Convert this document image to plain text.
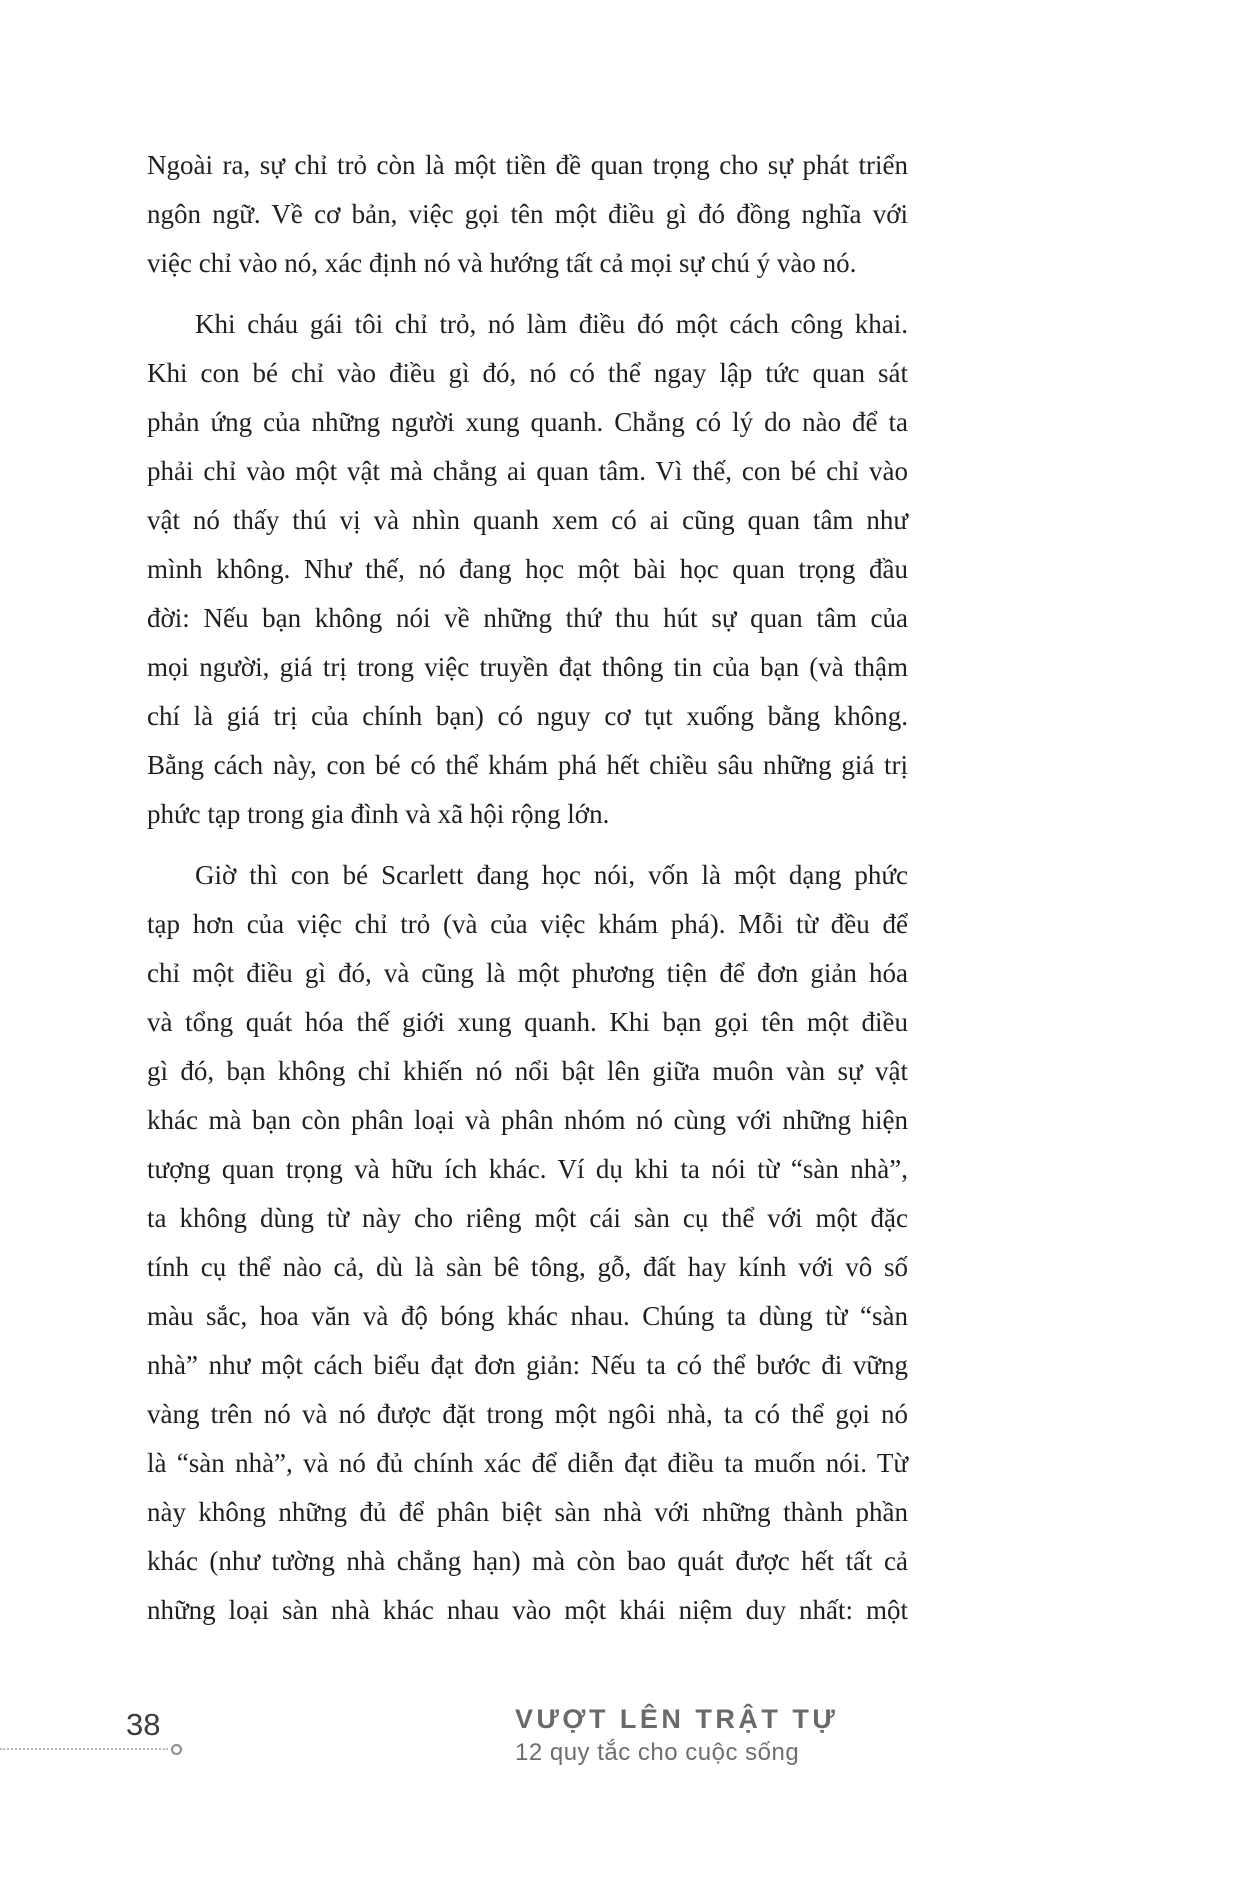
Ngoài ra, sự chỉ trỏ còn là một tiền đề quan trọng cho sự phát triển
ngôn ngữ. Về cơ bản, việc gọi tên một điều gì đó đồng nghĩa với
việc chỉ vào nó, xác định nó và hướng tất cả mọi sự chú ý vào nó.
Khi cháu gái tôi chỉ trỏ, nó làm điều đó một cách công khai.
Khi con bé chỉ vào điều gì đó, nó có thể ngay lập tức quan sát
phản ứng của những người xung quanh. Chẳng có lý do nào để ta
phải chỉ vào một vật mà chẳng ai quan tâm. Vì thế, con bé chỉ vào
vật nó thấy thú vị và nhìn quanh xem có ai cũng quan tâm như
mình không. Như thế, nó đang học một bài học quan trọng đầu
đời: Nếu bạn không nói về những thứ thu hút sự quan tâm của
mọi người, giá trị trong việc truyền đạt thông tin của bạn (và thậm
chí là giá trị của chính bạn) có nguy cơ tụt xuống bằng không.
Bằng cách này, con bé có thể khám phá hết chiều sâu những giá trị
phức tạp trong gia đình và xã hội rộng lớn.
Giờ thì con bé Scarlett đang học nói, vốn là một dạng phức
tạp hơn của việc chỉ trỏ (và của việc khám phá). Mỗi từ đều để
chỉ một điều gì đó, và cũng là một phương tiện để đơn giản hóa
và tổng quát hóa thế giới xung quanh. Khi bạn gọi tên một điều
gì đó, bạn không chỉ khiến nó nổi bật lên giữa muôn vàn sự vật
khác mà bạn còn phân loại và phân nhóm nó cùng với những hiện
tượng quan trọng và hữu ích khác. Ví dụ khi ta nói từ “sàn nhà”,
ta không dùng từ này cho riêng một cái sàn cụ thể với một đặc
tính cụ thể nào cả, dù là sàn bê tông, gỗ, đất hay kính với vô số
màu sắc, hoa văn và độ bóng khác nhau. Chúng ta dùng từ “sàn
nhà” như một cách biểu đạt đơn giản: Nếu ta có thể bước đi vững
vàng trên nó và nó được đặt trong một ngôi nhà, ta có thể gọi nó
là “sàn nhà”, và nó đủ chính xác để diễn đạt điều ta muốn nói. Từ
này không những đủ để phân biệt sàn nhà với những thành phần
khác (như tường nhà chẳng hạn) mà còn bao quát được hết tất cả
những loại sàn nhà khác nhau vào một khái niệm duy nhất: một
38	VƯỢT LÊN TRẬT TỰ
12 quy tắc cho cuộc sống
